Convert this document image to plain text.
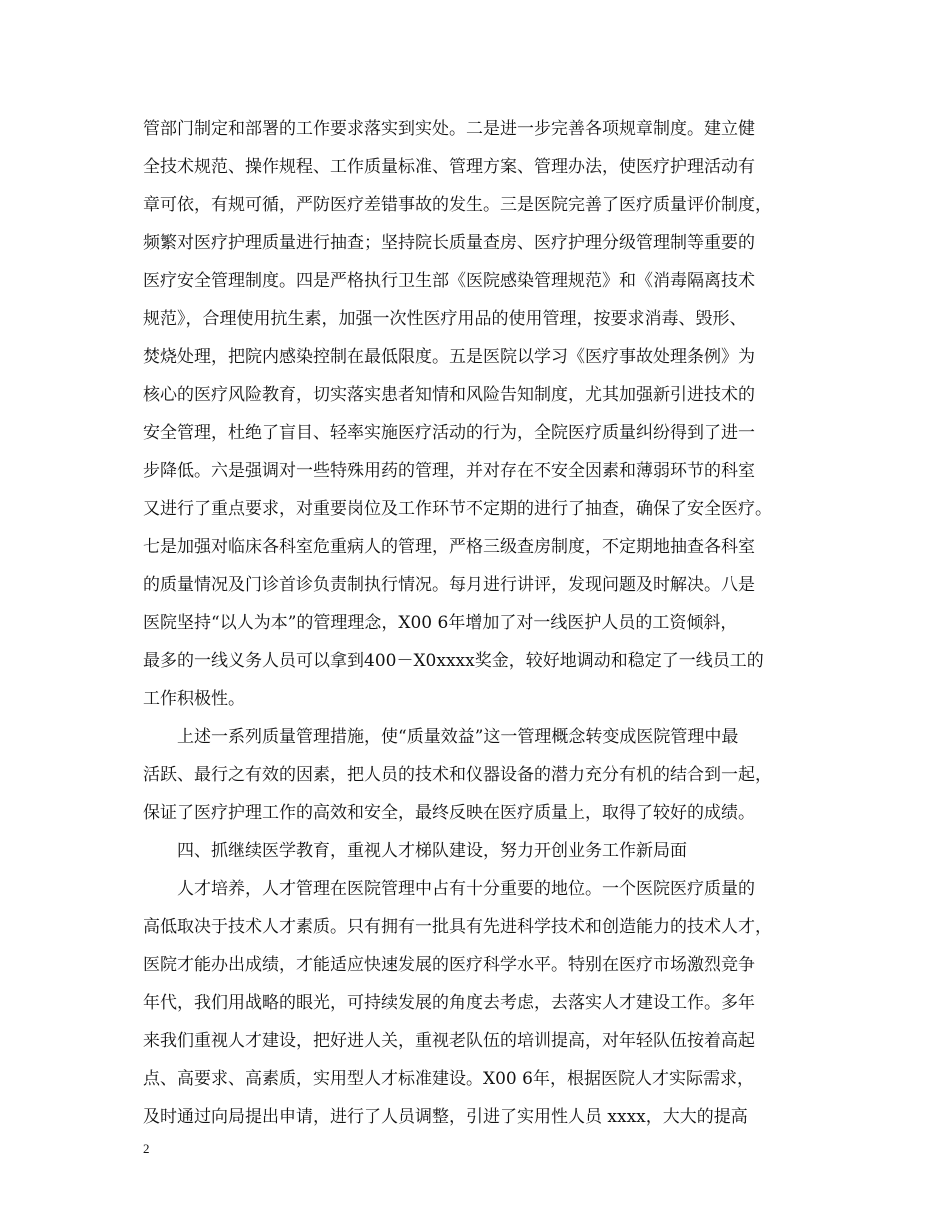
管部门制定和部署的工作要求落实到实处。二是进一步完善各项规章制度。建立健
全技术规范、操作规程、工作质量标准、管理方案、管理办法，使医疗护理活动有
章可依，有规可循，严防医疗差错事故的发生。三是医院完善了医疗质量评价制度，
频繁对医疗护理质量进行抽查；坚持院长质量查房、医疗护理分级管理制等重要的
医疗安全管理制度。四是严格执行卫生部《医院感染管理规范》和《消毒隔离技术
规范》，合理使用抗生素，加强一次性医疗用品的使用管理，按要求消毒、毁形、
焚烧处理，把院内感染控制在最低限度。五是医院以学习《医疗事故处理条例》为
核心的医疗风险教育，切实落实患者知情和风险告知制度，尤其加强新引进技术的
安全管理，杜绝了盲目、轻率实施医疗活动的行为，全院医疗质量纠纷得到了进一
步降低。六是强调对一些特殊用药的管理，并对存在不安全因素和薄弱环节的科室
又进行了重点要求，对重要岗位及工作环节不定期的进行了抽查，确保了安全医疗。
七是加强对临床各科室危重病人的管理，严格三级查房制度，不定期地抽查各科室
的质量情况及门诊首诊负责制执行情况。每月进行讲评，发现问题及时解决。八是
医院坚持“以人为本”的管理理念，X00 6年增加了对一线医护人员的工资倾斜，
最多的一线义务人员可以拿到400－X0xxxx奖金，较好地调动和稳定了一线员工的
工作积极性。
上述一系列质量管理措施，使“质量效益”这一管理概念转变成医院管理中最
活跃、最行之有效的因素，把人员的技术和仪器设备的潜力充分有机的结合到一起，
保证了医疗护理工作的高效和安全，最终反映在医疗质量上，取得了较好的成绩。
四、抓继续医学教育，重视人才梯队建设，努力开创业务工作新局面
人才培养，人才管理在医院管理中占有十分重要的地位。一个医院医疗质量的
高低取决于技术人才素质。只有拥有一批具有先进科学技术和创造能力的技术人才，
医院才能办出成绩，才能适应快速发展的医疗科学水平。特别在医疗市场激烈竞争
年代，我们用战略的眼光，可持续发展的角度去考虑，去落实人才建设工作。多年
来我们重视人才建设，把好进人关，重视老队伍的培训提高，对年轻队伍按着高起
点、高要求、高素质，实用型人才标准建设。X00 6年，根据医院人才实际需求，
及时通过向局提出申请，进行了人员调整，引进了实用性人员 xxxx，大大的提高
2
